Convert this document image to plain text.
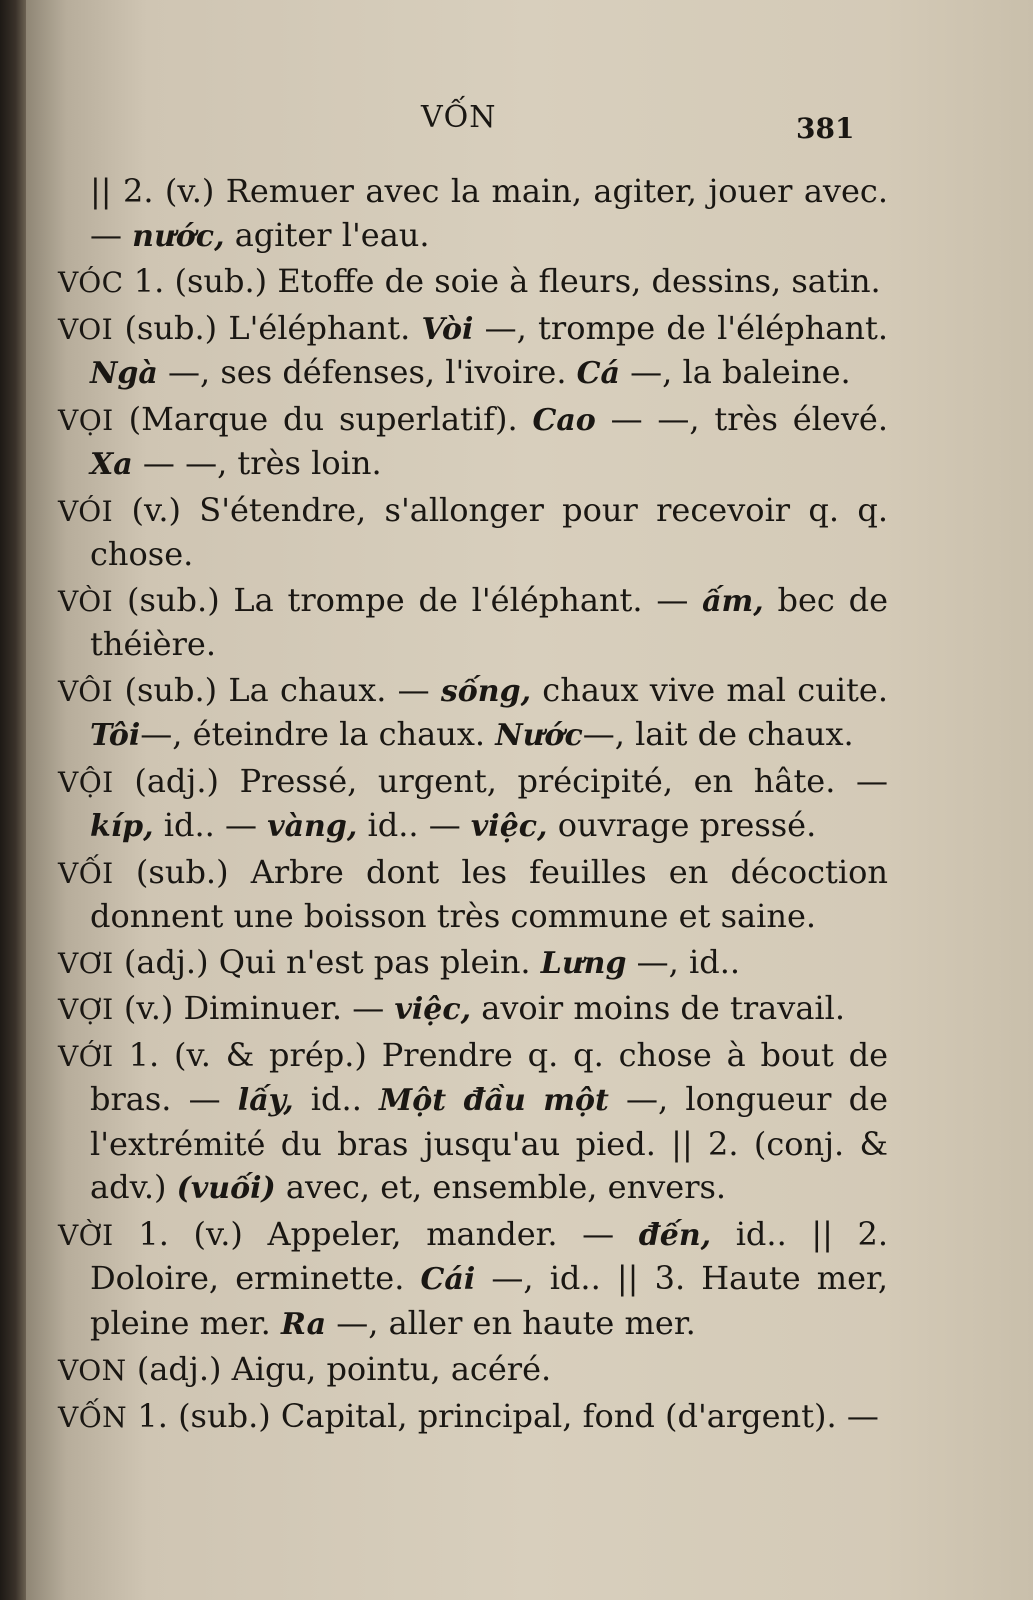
VỐN	381

|| 2. (v.) Remuer avec la main, agiter, jouer avec. — nước, agiter l'eau.

VÓC 1. (sub.) Etoffe de soie à fleurs, dessins, satin.

VOI (sub.) L'éléphant. Vòi —, trompe de l'éléphant. Ngà —, ses défenses, l'ivoire. Cá —, la baleine.

VỌI (Marque du superlatif). Cao — —, très élevé. Xa — —, très loin.

VÓI (v.) S'étendre, s'allonger pour recevoir q. q. chose.

VÒI (sub.) La trompe de l'éléphant. — ấm, bec de théière.

VÔI (sub.) La chaux. — sống, chaux vive mal cuite. Tôi—, éteindre la chaux. Nước—, lait de chaux.

VỘI (adj.) Pressé, urgent, précipité, en hâte. — kíp, id.. — vàng, id.. — việc, ouvrage pressé.

VỐI (sub.) Arbre dont les feuilles en décoction donnent une boisson très commune et saine.

VƠI (adj.) Qui n'est pas plein. Lưng —, id..

VỢI (v.) Diminuer. — việc, avoir moins de travail.

VỚI 1. (v. & prép.) Prendre q. q. chose à bout de bras. — lấy, id.. Một đầu một —, longueur de l'extrémité du bras jusqu'au pied. || 2. (conj. & adv.) (vuối) avec, et, ensemble, envers.

VỜI 1. (v.) Appeler, mander. — đến, id.. || 2. Doloire, erminette. Cái —, id.. || 3. Haute mer, pleine mer. Ra —, aller en haute mer.

VON (adj.) Aigu, pointu, acéré.

VỐN 1. (sub.) Capital, principal, fond (d'argent). —
